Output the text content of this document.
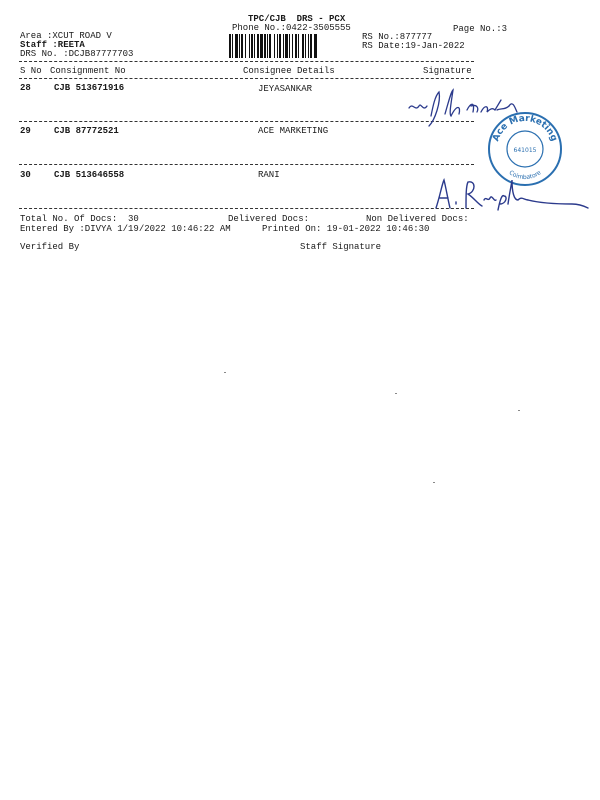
TPC/CJB  DRS - PCX
Phone No.:0422-3505555	Page No.:3
Area :XCUT ROAD V
Staff :REETA
DRS No. :DCJB87777703
RS No.:877777
RS Date:19-Jan-2022
S No Consignment No	Consignee Details	Signature
28	CJB 513671916	JEYASANKAR
29	CJB 87772521	ACE MARKETING
30	CJB 513646558	RANI
Ace Marketing
Coimbatore
641015
Total No. Of Docs:  30	Delivered Docs:	Non Delivered Docs:
Entered By :DIVYA 1/19/2022 10:46:22 AM	Printed On: 19-01-2022 10:46:30
Verified By	Staff Signature
